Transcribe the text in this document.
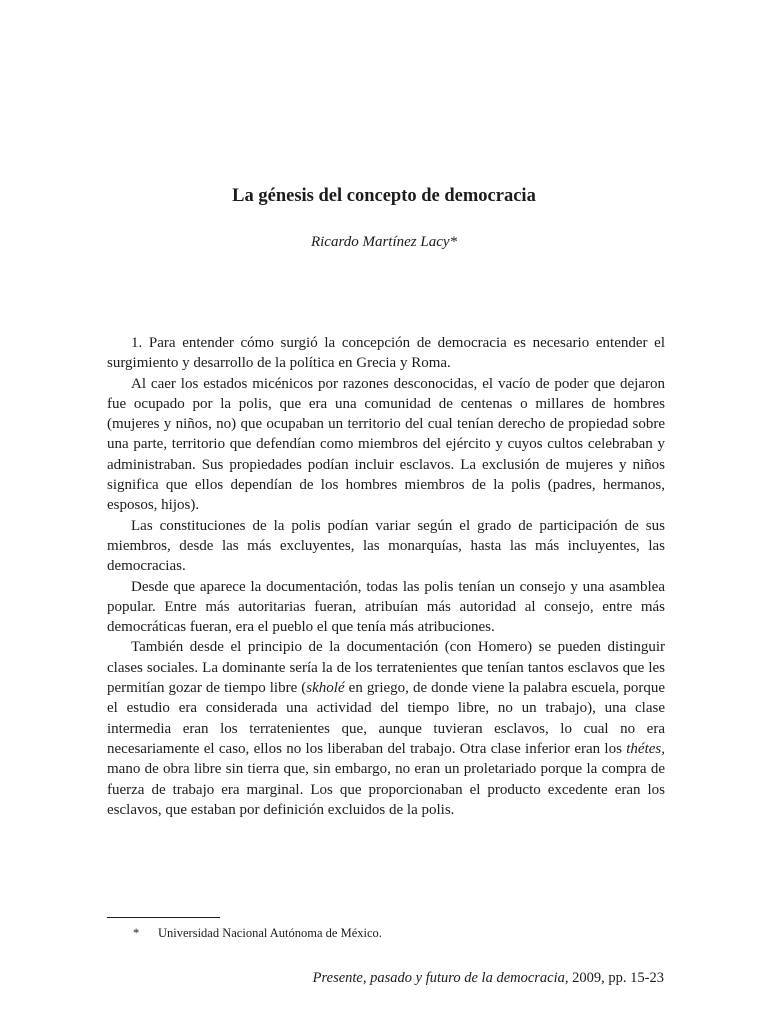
La génesis del concepto de democracia
Ricardo Martínez Lacy*

1. Para entender cómo surgió la concepción de democracia es necesario entender el surgimiento y desarrollo de la política en Grecia y Roma.

Al caer los estados micénicos por razones desconocidas, el vacío de poder que dejaron fue ocupado por la polis, que era una comunidad de centenas o millares de hombres (mujeres y niños, no) que ocupaban un territorio del cual tenían derecho de propiedad sobre una parte, territorio que defendían como miembros del ejército y cuyos cultos celebraban y administraban. Sus propiedades podían incluir esclavos. La exclusión de mujeres y niños significa que ellos dependían de los hombres miembros de la polis (padres, hermanos, esposos, hijos).

Las constituciones de la polis podían variar según el grado de participación de sus miembros, desde las más excluyentes, las monarquías, hasta las más incluyentes, las democracias.

Desde que aparece la documentación, todas las polis tenían un consejo y una asamblea popular. Entre más autoritarias fueran, atribuían más autoridad al consejo, entre más democráticas fueran, era el pueblo el que tenía más atribuciones.

También desde el principio de la documentación (con Homero) se pueden distinguir clases sociales. La dominante sería la de los terratenientes que tenían tantos esclavos que les permitían gozar de tiempo libre (skholé en griego, de donde viene la palabra escuela, porque el estudio era considerada una actividad del tiempo libre, no un trabajo), una clase intermedia eran los terratenientes que, aunque tuvieran esclavos, lo cual no era necesariamente el caso, ellos no los liberaban del trabajo. Otra clase inferior eran los thétes, mano de obra libre sin tierra que, sin embargo, no eran un proletariado porque la compra de fuerza de trabajo era marginal. Los que proporcionaban el producto excedente eran los esclavos, que estaban por definición excluidos de la polis.

* Universidad Nacional Autónoma de México.
Presente, pasado y futuro de la democracia, 2009, pp. 15-23
